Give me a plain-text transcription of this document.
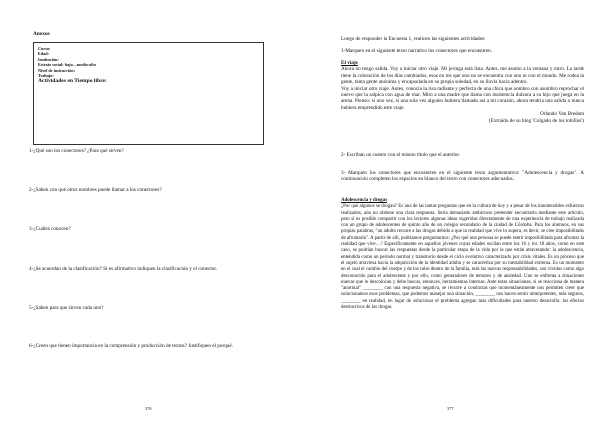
Anexos
Curso:
Edad:
Institución:
Estrato social: bajo—medio-alto
Nivel de instrucción:
Trabajo:
Actividades en Tiempo libre:
1-¿Qué son los conectores? ¿Para qué sirven?
2-¿Saben con qué otros nombres puede llamar a los conectores?
3-¿Cuáles conocen?
4-¿Se acuerdan de la clasificación? Si es afirmativo indiquen la clasificación y el conector.
5-¿Saben para que sirven cada uno?
6-¿Creen que tienen importancia en la comprensión y producción de textos? Justifiquen el porqué.
376
Luego de responder la Encuesta 1, realicen las siguientes actividades:
1-Marquen en el siguiente texto narrativo los conectores que encuentren.
El viaje
Ahora no tengo salida. Voy a iniciar otro viaje. Mi jeringa está lista. Antes, me asomo a la ventana y miro. La tarde tiene la coloración de los días cambiados, esos en los que uno no se encuentra con uno ni con el mundo. Me rodea la gente, tanta gente anónima y encapsulada en su propia soledad, en su lluvia hacia adentro.
Voy a iniciar otro viaje. Antes, conocía la risa radiante y perfecta de una chica que nombro con asombro reprochar el nuevo que la salpica con agua de mar. Miro a una madre que llama con insistencia dulzura a su hijo que juega en la arena. Pienso: si uno vez, si una sola vez alguien hubiera llamado así a mi corazón, ahora tendría una salida o nunca hubiera emprendido este viaje.
Orlando Van Bredam
(Extraído de su blog 'Colgado de los tobillos')
2- Escriban un cuento con el mismo título que el anterior.
3- Marquen los conectores que encuentren en el siguiente texto argumentativo: "Adolescencia y drogas". A continuación completen los espacios en blanco del texto con conectores adecuados.
Adolescencia y drogas
¿Por qué algunos se drogan? Es una de las tantas preguntas que en la cultura de hoy y a pesar de los innumerables esfuerzos realizados, aún no obtiene una clara respuesta. Sería demasiado ambicioso pretender encontrarla mediante este artículo, pero sí es posible compartir con los lectores algunas ideas sugeridas directamente de una experiencia de trabajo realizada con un grupo de adolescentes de quinto año de un colegio secundario de la ciudad de Córdoba. Para los alumnos, en sus propias palabras, "un adulto recurre a las drogas debido a que la realidad que vive lo supera, es decir, se cree imposibilitado de afrontarla". A partir de allí, podríamos preguntarnos: ¿Por qué una persona se puede sentir imposibilitada para afrontar la realidad que vive…? Específicamente en aquellos jóvenes cuyas edades oscilan entre los 16 y los 18 años, como en este caso, se podrían buscar las respuestas desde la particular etapa de la vida por la que están atravesando: la adolescencia, entendida como un período normal y transitorio desde el ciclo evolutivo caracterizado por crisis vitales. Es un proceso que el sujeto atraviesa hacia la adquisición de la identidad adulta y se caracteriza por su inestabilidad extrema. Es un momento en el cual el cambio del cuerpo y de los roles dentro de la familia, más las nuevas responsabilidades, son vividos como algo desconocido para el adolescente y por ello, como generadores de temores y de ansiedad. Uno se enfrenta a situaciones nuevas que lo descolocan y debe buscar, entonces, herramientas internas. Ante estas situaciones, si se reacciona de manera "anormal" ________ con una respuesta negativa, se recurre a conductas que momentáneamente nos permiten creer que solucionamos esos problemas, que podemos manejar una situación, ________ nos hacen sentir omnipotentes, más seguros, ________ en realidad, en lugar de solucionar el problema agregan más dificultades para nuestro desarrollo: los efectos destructivos de las drogas.
377
